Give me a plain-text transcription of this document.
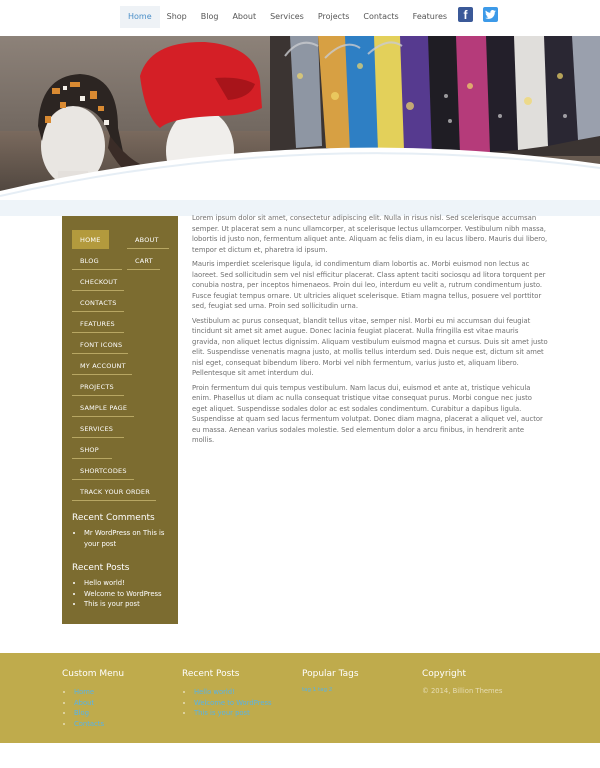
Home	Shop	Blog	About	Services	Projects	Contacts	Features	f
HOME	ABOUT
BLOG	CART
CHECKOUT
CONTACTS
FEATURES
FONT ICONS
MY ACCOUNT
PROJECTS
SAMPLE PAGE
SERVICES
SHOP
SHORTCODES
TRACK YOUR ORDER
Recent Comments
• Mr WordPress on This is your post
Recent Posts
• Hello world!
• Welcome to WordPress
• This is your post

Lorem ipsum dolor sit amet, consectetur adipiscing elit. Nulla in risus nisl. Sed scelerisque accumsan semper. Ut placerat sem a nunc ullamcorper, at scelerisque lectus ullamcorper. Vestibulum nibh massa, lobortis id justo non, fermentum aliquet ante. Aliquam ac felis diam, in eu lacus libero. Mauris dui libero, tempor et dictum et, pharetra id ipsum.

Mauris imperdiet scelerisque ligula, id condimentum diam lobortis ac. Morbi euismod non lectus ac laoreet. Sed sollicitudin sem vel nisl efficitur placerat. Class aptent taciti sociosqu ad litora torquent per conubia nostra, per inceptos himenaeos. Proin dui leo, interdum eu velit a, rutrum condimentum justo. Fusce feugiat tempus ornare. Ut ultricies aliquet scelerisque. Etiam magna tellus, posuere vel porttitor sed, feugiat sed urna. Proin sed sollicitudin urna.

Vestibulum ac purus consequat, blandit tellus vitae, semper nisl. Morbi eu mi accumsan dui feugiat tincidunt sit amet sit amet augue. Donec lacinia feugiat placerat. Nulla fringilla est vitae mauris gravida, non aliquet lectus dignissim. Aliquam vestibulum euismod magna et cursus. Duis sit amet justo elit. Suspendisse venenatis magna justo, at mollis tellus interdum sed. Duis neque est, dictum sit amet nisl eget, consequat bibendum libero. Morbi vel nibh fermentum, varius justo et, aliquam libero. Pellentesque sit amet interdum dui.

Proin fermentum dui quis tempus vestibulum. Nam lacus dui, euismod et ante at, tristique vehicula enim. Phasellus ut diam ac nulla consequat tristique vitae consequat purus. Morbi congue nec justo eget aliquet. Suspendisse sodales dolor ac est sodales condimentum. Curabitur a dapibus ligula. Suspendisse at quam sed lacus fermentum volutpat. Donec diam magna, placerat a aliquet vel, auctor eu massa. Aenean varius sodales molestie. Sed elementum dolor a arcu finibus, in hendrerit ante mollis.

Custom Menu
• Home
• About
• Blog
• Contacts
Recent Posts
• Hello world!
• Welcome to WordPress
• This is your post
Popular Tags
tag 1 tag 2
Copyright
© 2014, Billion Themes
